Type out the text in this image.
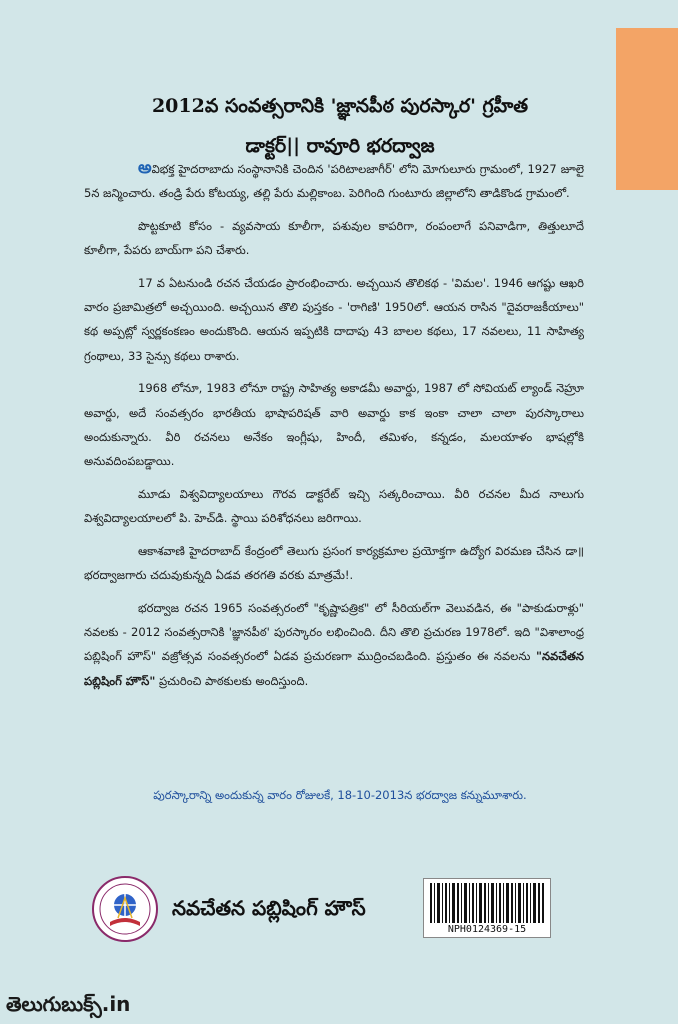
2012వ సంవత్సరానికి 'జ్ఞానపీఠ పురస్కార' గ్రహీత
డాక్టర్|| రావూరి భరద్వాజ

అవిభక్త హైదరాబాదు సంస్థానానికి చెందిన 'పరిటాలజాగీర్' లోని మోగులూరు గ్రామంలో, 1927 జూలై 5న జన్మించారు. తండ్రి పేరు కోటయ్య, తల్లి పేరు మల్లికాంబ. పెరిగింది గుంటూరు జిల్లాలోని తాడికొండ గ్రామంలో.

పొట్టకూటి కోసం - వ్యవసాయ కూలీగా, పశువుల కాపరిగా, రంపంలాగే పనివాడిగా, తిత్తులూదే కూలీగా, పేపరు బాయ్‌గా పని చేశారు.

17 వ ఏటనుండి రచన చేయడం ప్రారంభించారు. అచ్చయిన తొలికథ - 'విమల'. 1946 ఆగష్టు ఆఖరి వారం ప్రజామిత్రలో అచ్చయింది. అచ్చయిన తొలి పుస్తకం - 'రాగిణి' 1950లో. ఆయన రాసిన "దైవరాజకీయాలు" కథ అప్పట్లో స్వర్ణకంకణం అందుకొంది. ఆయన ఇప్పటికి దాదాపు 43 బాలల కథలు, 17 నవలలు, 11 సాహిత్య గ్రంథాలు, 33 సైన్సు కథలు రాశారు.

1968 లోనూ, 1983 లోనూ రాష్ట్ర సాహిత్య అకాడమీ అవార్డు, 1987 లో సోవియట్ ల్యాండ్ నెహ్రూ అవార్డు, అదే సంవత్సరం భారతీయ భాషాపరిషత్ వారి అవార్డు కాక ఇంకా చాలా చాలా పురస్కారాలు అందుకున్నారు. వీరి రచనలు అనేకం ఇంగ్లీషు, హిందీ, తమిళం, కన్నడం, మలయాళం భాషల్లోకి అనువదింపబడ్డాయి.

మూడు విశ్వవిద్యాలయాలు గౌరవ డాక్టరేట్ ఇచ్చి సత్కరించాయి. వీరి రచనల మీద నాలుగు విశ్వవిద్యాలయాలలో పి. హెచ్‌డి. స్థాయి పరిశోధనలు జరిగాయి.

ఆకాశవాణి హైదరాబాద్ కేంద్రంలో తెలుగు ప్రసంగ కార్యక్రమాల ప్రయోక్తగా ఉద్యోగ విరమణ చేసిన డా॥ భరద్వాజగారు చదువుకున్నది ఏడవ తరగతి వరకు మాత్రమే!.

భరద్వాజ రచన 1965 సంవత్సరంలో "కృష్ణాపత్రిక" లో సీరియల్‌గా వెలువడిన, ఈ "పాకుడురాళ్లు" నవలకు - 2012 సంవత్సరానికి 'జ్ఞానపీఠ' పురస్కారం లభించింది. దీని తొలి ప్రచురణ 1978లో. ఇది "విశాలాంధ్ర పబ్లిషింగ్ హౌస్" వజ్రోత్సవ సంవత్సరంలో ఏడవ ప్రచురణగా ముద్రించబడింది. ప్రస్తుతం ఈ నవలను "నవచేతన పబ్లిషింగ్ హౌస్" ప్రచురించి పాఠకులకు అందిస్తుంది.

పురస్కారాన్ని అందుకున్న వారం రోజులకే, 18-10-2013న భరద్వాజ కన్నుమూశారు.
నవచేతన పబ్లిషింగ్ హౌస్
NPH0124369-15
తెలుగుబుక్స్.in
